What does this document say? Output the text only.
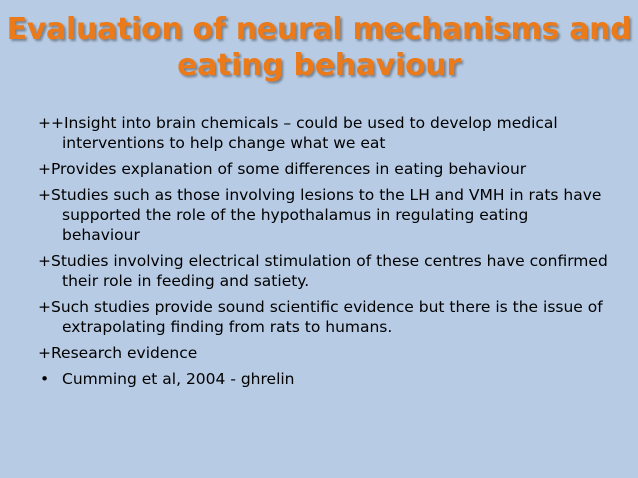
Evaluation of neural mechanisms and
eating behaviour

++Insight into brain chemicals – could be used to develop medical interventions to help change what we eat

+Provides explanation of some differences in eating behaviour

+Studies such as those involving lesions to the LH and VMH in rats have supported the role of the hypothalamus in regulating eating behaviour

+Studies involving electrical stimulation of these centres have confirmed their role in feeding and satiety.

+Such studies provide sound scientific evidence but there is the issue of extrapolating finding from rats to humans.

+Research evidence

• Cumming et al, 2004 - ghrelin
